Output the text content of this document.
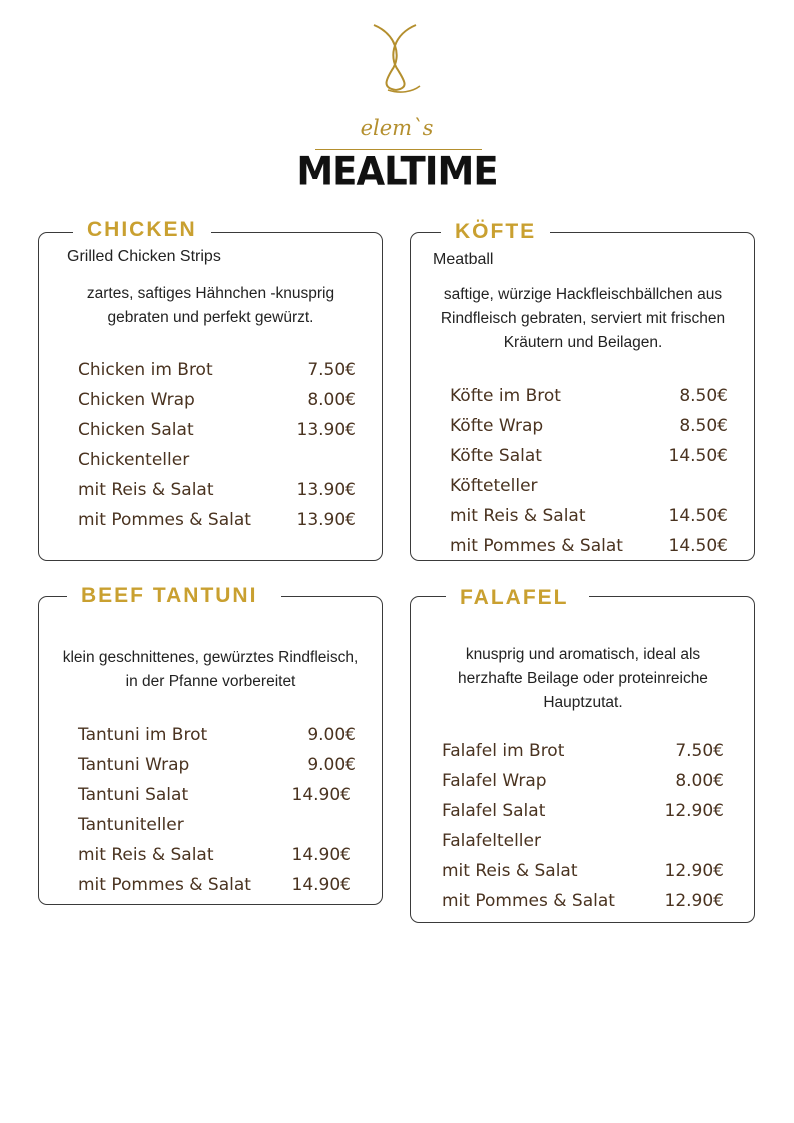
elem`s
MEALTIME
CHICKEN
Grilled Chicken Strips
zartes, saftiges Hähnchen -knusprig gebraten und perfekt gewürzt.
Chicken im Brot	7.50€
Chicken Wrap	8.00€
Chicken Salat	13.90€
Chickenteller
mit Reis & Salat	13.90€
mit Pommes & Salat	13.90€
KÖFTE
Meatball
saftige, würzige Hackfleischbällchen aus Rindfleisch gebraten, serviert mit frischen Kräutern und Beilagen.
Köfte im Brot	8.50€
Köfte Wrap	8.50€
Köfte Salat	14.50€
Köfteteller
mit Reis & Salat	14.50€
mit Pommes & Salat	14.50€
BEEF TANTUNI
klein geschnittenes, gewürztes Rindfleisch, in der Pfanne vorbereitet
Tantuni im Brot	9.00€
Tantuni Wrap	9.00€
Tantuni Salat	14.90€
Tantuniteller
mit Reis & Salat	14.90€
mit Pommes & Salat 14.90€
FALAFEL
knusprig und aromatisch, ideal als herzhafte Beilage oder proteinreiche Hauptzutat.
Falafel im Brot	7.50€
Falafel Wrap	8.00€
Falafel Salat	12.90€
Falafelteller
mit Reis & Salat	12.90€
mit Pommes & Salat	12.90€
